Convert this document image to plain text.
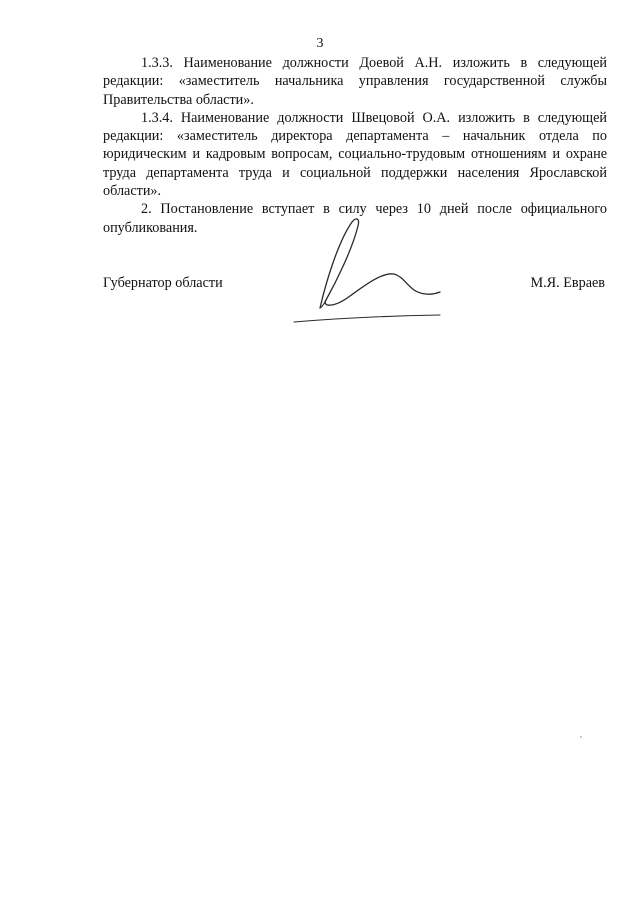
3

1.3.3. Наименование должности Доевой А.Н. изложить в следующей редакции: «заместитель начальника управления государственной службы Правительства области».

1.3.4. Наименование должности Швецовой О.А. изложить в следующей редакции: «заместитель директора департамента – начальник отдела по юридическим и кадровым вопросам, социально-трудовым отношениям и охране труда департамента труда и социальной поддержки населения Ярославской области».

2. Постановление вступает в силу через 10 дней после официального опубликования.

Губернатор области	М.Я. Евраев
